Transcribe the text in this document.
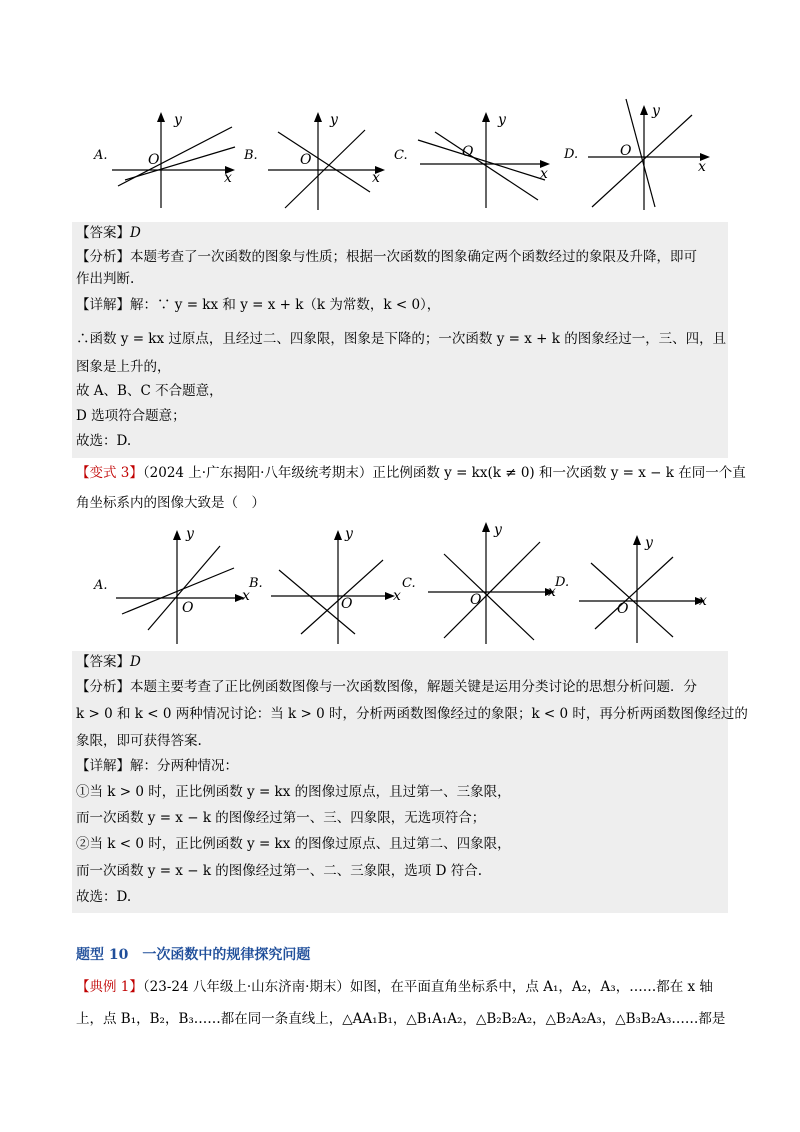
A.
y
x
O	B.
y
x
O	C.
y
x
O	D.
y
x
O
【答案】D
【分析】本题考查了一次函数的图象与性质；根据一次函数的图象确定两个函数经过的象限及升降，即可
作出判断.
【详解】解：∵ y = kx 和 y = x + k（k 为常数，k < 0），
∴函数 y = kx 过原点，且经过二、四象限，图象是下降的；一次函数 y = x + k 的图象经过一，三、四，且
图象是上升的，
故 A、B、C 不合题意，
D 选项符合题意；
故选：D.
【变式 3】（2024 上·广东揭阳·八年级统考期末）正比例函数 y = kx(k ≠ 0) 和一次函数 y = x − k 在同一个直
角坐标系内的图像大致是（　）
A.
y
x
O
B.
y
x
O
C.
y
x
O
D.
y
x
O
【答案】D
【分析】本题主要考查了正比例函数图像与一次函数图像，解题关键是运用分类讨论的思想分析问题．分
k > 0 和 k < 0 两种情况讨论：当 k > 0 时，分析两函数图像经过的象限；k < 0 时，再分析两函数图像经过的
象限，即可获得答案.
【详解】解：分两种情况：
①当 k > 0 时，正比例函数 y = kx 的图像过原点，且过第一、三象限，
而一次函数 y = x − k 的图像经过第一、三、四象限，无选项符合；
②当 k < 0 时，正比例函数 y = kx 的图像过原点、且过第二、四象限，
而一次函数 y = x − k 的图像经过第一、二、三象限，选项 D 符合.
故选：D.
题型 10　一次函数中的规律探究问题
【典例 1】（23-24 八年级上·山东济南·期末）如图，在平面直角坐标系中，点 A₁，A₂，A₃，……都在 x 轴
上，点 B₁，B₂，B₃……都在同一条直线上，△AA₁B₁，△B₁A₁A₂，△B₂B₂A₂，△B₂A₂A₃，△B₃B₂A₃……都是
